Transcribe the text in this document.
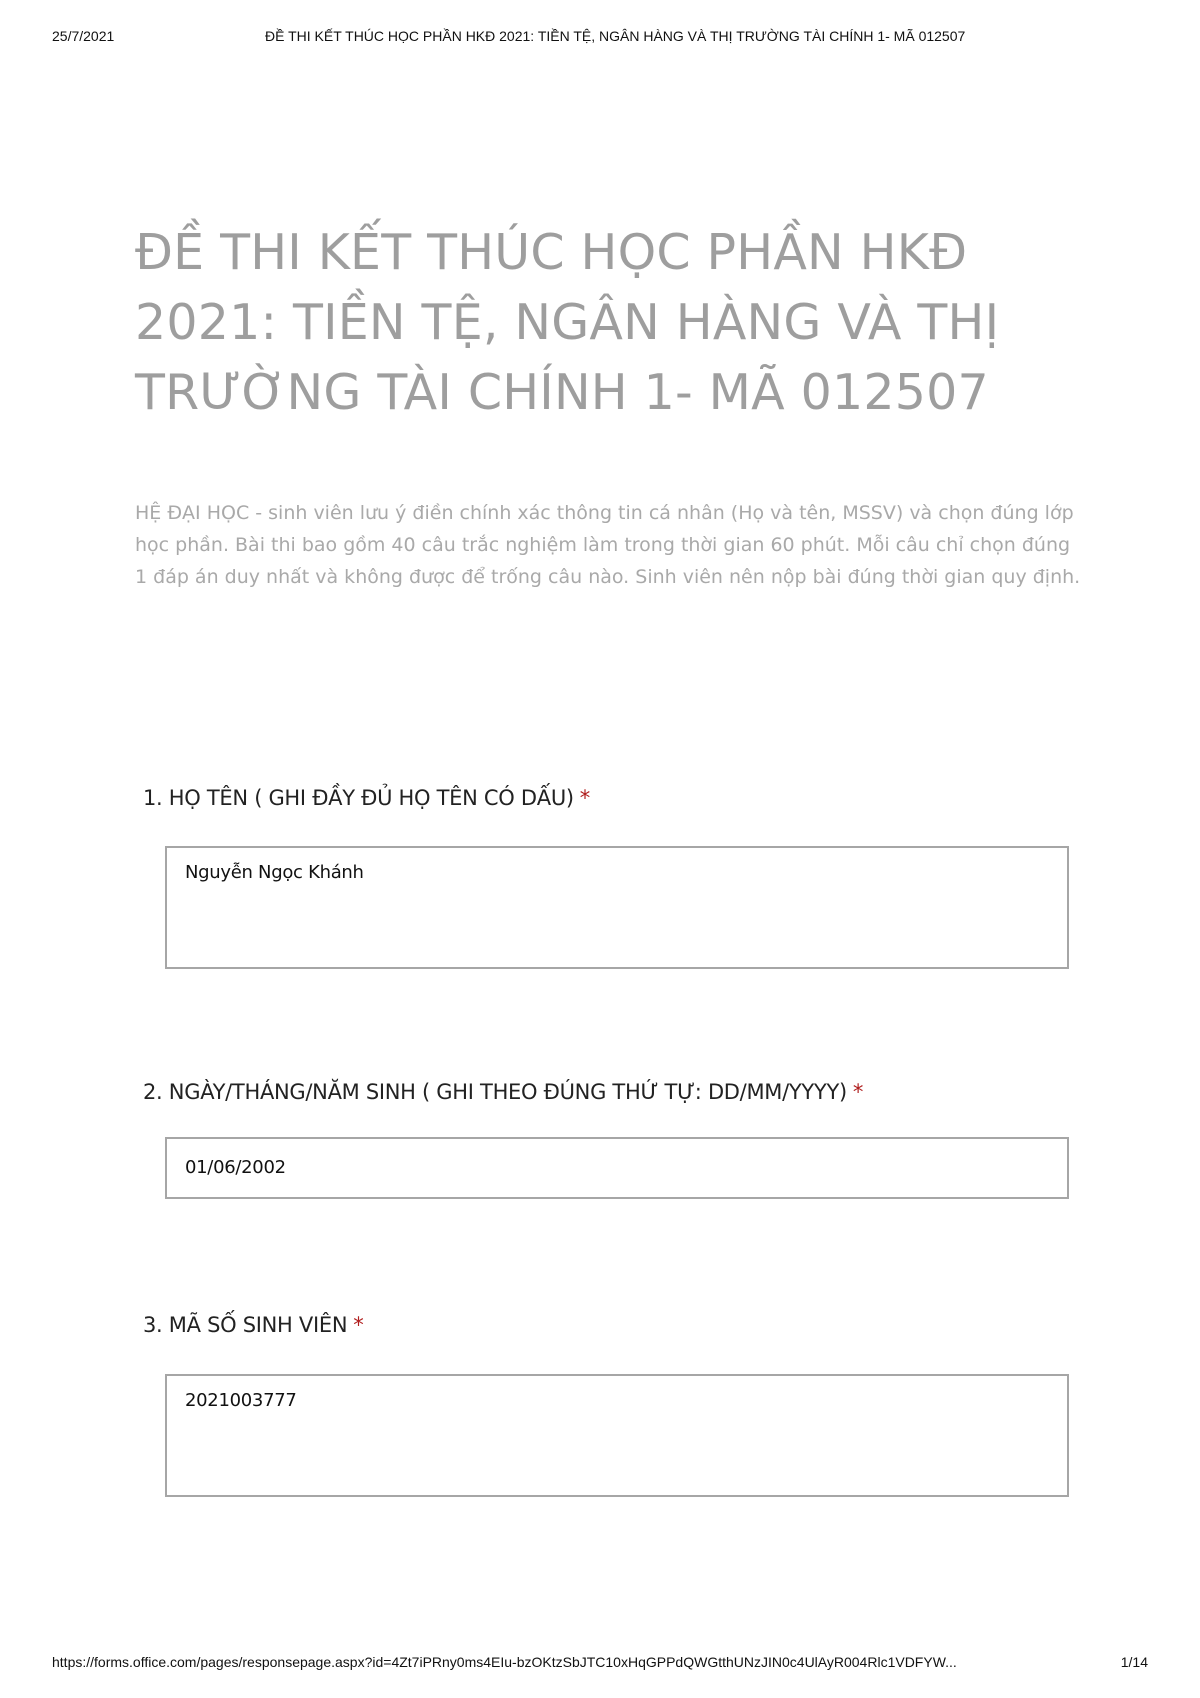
25/7/2021	ĐỀ THI KẾT THÚC HỌC PHẦN HKĐ 2021: TIỀN TỆ, NGÂN HÀNG VÀ THỊ TRƯỜNG TÀI CHÍNH 1- MÃ 012507
ĐỀ THI KẾT THÚC HỌC PHẦN HKĐ 2021: TIỀN TỆ, NGÂN HÀNG VÀ THỊ TRƯỜNG TÀI CHÍNH 1- MÃ 012507

HỆ ĐẠI HỌC - sinh viên lưu ý điền chính xác thông tin cá nhân (Họ và tên, MSSV) và chọn đúng lớp học phần. Bài thi bao gồm 40 câu trắc nghiệm làm trong thời gian 60 phút. Mỗi câu chỉ chọn đúng 1 đáp án duy nhất và không được để trống câu nào. Sinh viên nên nộp bài đúng thời gian quy định.

1. HỌ TÊN ( GHI ĐẦY ĐỦ HỌ TÊN CÓ DẤU) *
Nguyễn Ngọc Khánh
2. NGÀY/THÁNG/NĂM SINH ( GHI THEO ĐÚNG THỨ TỰ: DD/MM/YYYY) *
01/06/2002
3. MÃ SỐ SINH VIÊN *
2021003777
https://forms.office.com/pages/responsepage.aspx?id=4Zt7iPRny0ms4EIu-bzOKtzSbJTC10xHqGPPdQWGtthUNzJIN0c4UlAyR004Rlc1VDFYW...	1/14
